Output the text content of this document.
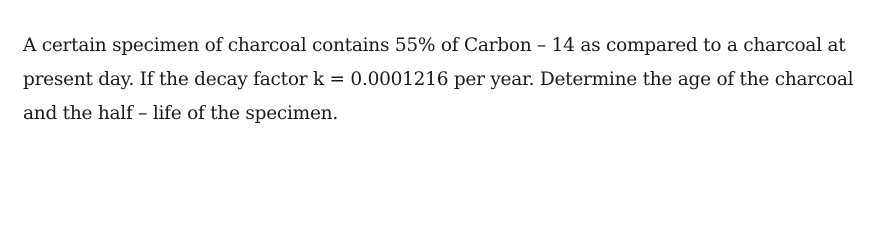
A certain specimen of charcoal contains 55% of Carbon – 14 as compared to a charcoal at
present day. If the decay factor k = 0.0001216 per year. Determine the age of the charcoal
and the half – life of the specimen.
